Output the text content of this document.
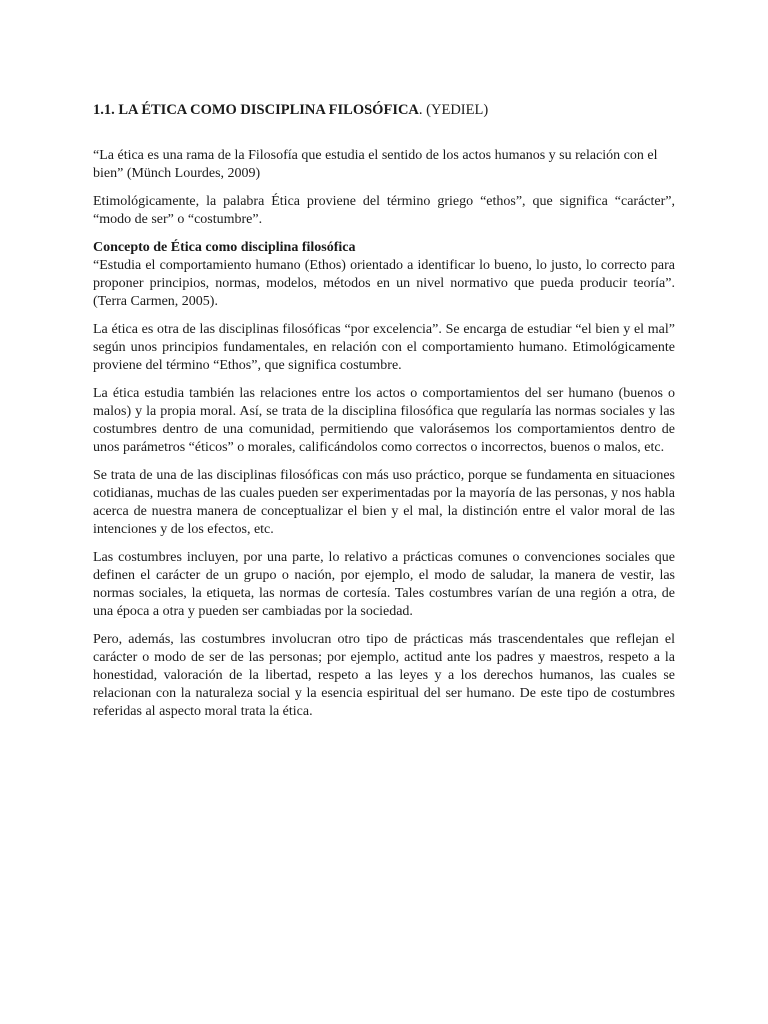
1.1. LA ÉTICA COMO DISCIPLINA FILOSÓFICA. (YEDIEL)

“La ética es una rama de la Filosofía que estudia el sentido de los actos humanos y su relación con el bien” (Münch Lourdes, 2009)

Etimológicamente, la palabra Ética proviene del término griego “ethos”, que significa “carácter”, “modo de ser” o “costumbre”.

Concepto de Ética como disciplina filosófica

“Estudia el comportamiento humano (Ethos) orientado a identificar lo bueno, lo justo, lo correcto para proponer principios, normas, modelos, métodos en un nivel normativo que pueda producir teoría”. (Terra Carmen, 2005).

La ética es otra de las disciplinas filosóficas “por excelencia”. Se encarga de estudiar “el bien y el mal” según unos principios fundamentales, en relación con el comportamiento humano. Etimológicamente proviene del término “Ethos”, que significa costumbre.

La ética estudia también las relaciones entre los actos o comportamientos del ser humano (buenos o malos) y la propia moral. Así, se trata de la disciplina filosófica que regularía las normas sociales y las costumbres dentro de una comunidad, permitiendo que valorásemos los comportamientos dentro de unos parámetros “éticos” o morales, calificándolos como correctos o incorrectos, buenos o malos, etc.

Se trata de una de las disciplinas filosóficas con más uso práctico, porque se fundamenta en situaciones cotidianas, muchas de las cuales pueden ser experimentadas por la mayoría de las personas, y nos habla acerca de nuestra manera de conceptualizar el bien y el mal, la distinción entre el valor moral de las intenciones y de los efectos, etc.

Las costumbres incluyen, por una parte, lo relativo a prácticas comunes o convenciones sociales que definen el carácter de un grupo o nación, por ejemplo, el modo de saludar, la manera de vestir, las normas sociales, la etiqueta, las normas de cortesía. Tales costumbres varían de una región a otra, de una época a otra y pueden ser cambiadas por la sociedad.

Pero, además, las costumbres involucran otro tipo de prácticas más trascendentales que reflejan el carácter o modo de ser de las personas; por ejemplo, actitud ante los padres y maestros, respeto a la honestidad, valoración de la libertad, respeto a las leyes y a los derechos humanos, las cuales se relacionan con la naturaleza social y la esencia espiritual del ser humano. De este tipo de costumbres referidas al aspecto moral trata la ética.
